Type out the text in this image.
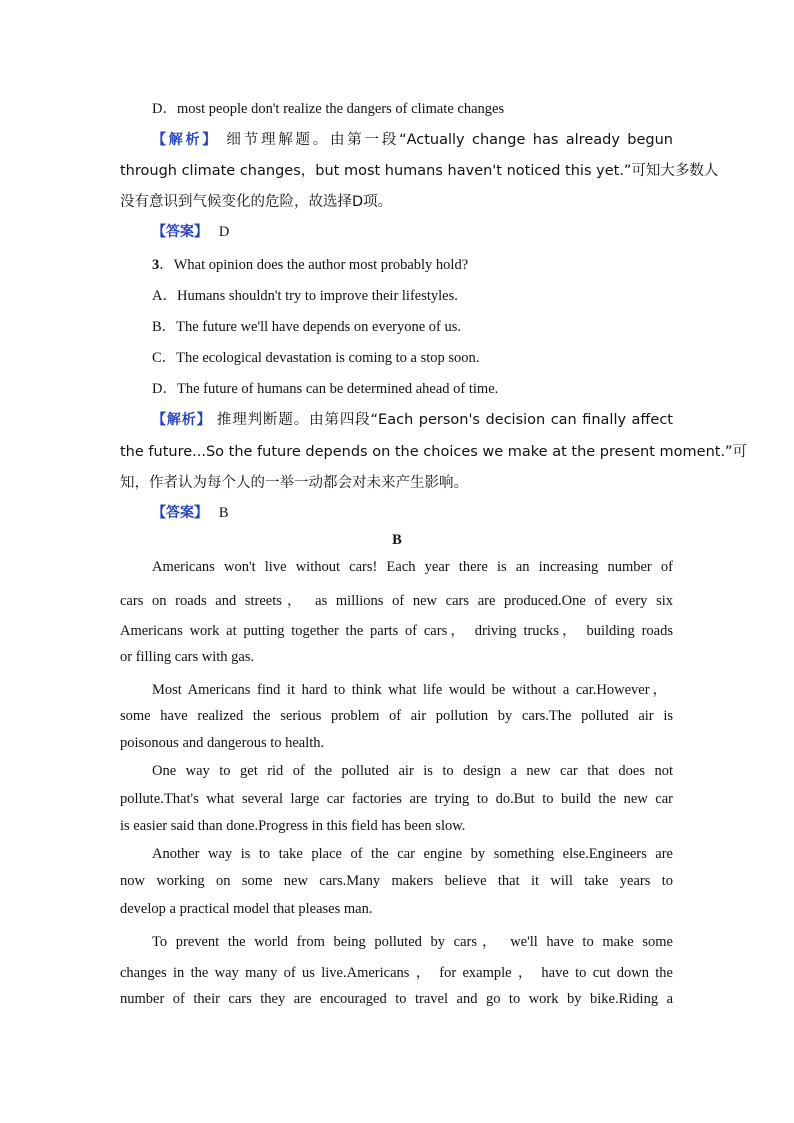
D．most people don't realize the dangers of climate changes
【解析】 细节理解题。由第一段“Actually change has already begun
through climate changes，but most humans haven't noticed this yet.”可知大多数人
没有意识到气候变化的危险，故选择D项。
【答案】 D
3．What opinion does the author most probably hold?
A．Humans shouldn't try to improve their lifestyles.
B．The future we'll have depends on everyone of us.
C．The ecological devastation is coming to a stop soon.
D．The future of humans can be determined ahead of time.
【解析】 推理判断题。由第四段“Each person's decision can finally affect
the future...So the future depends on the choices we make at the present moment.”可
知，作者认为每个人的一举一动都会对未来产生影响。
【答案】 B
B
Americans won't live without cars! Each year there is an increasing number of
cars on roads and streets， as millions of new cars are produced.One of every six
Americans work at putting together the parts of cars， driving trucks， building roads
or filling cars with gas.
Most Americans find it hard to think what life would be without a car.However，
some have realized the serious problem of air pollution by cars.The polluted air is
poisonous and dangerous to health.
One way to get rid of the polluted air is to design a new car that does not
pollute.That's what several large car factories are trying to do.But to build the new car
is easier said than done.Progress in this field has been slow.
Another way is to take place of the car engine by something else.Engineers are
now working on some new cars.Many makers believe that it will take years to
develop a practical model that pleases man.
To prevent the world from being polluted by cars， we'll have to make some
changes in the way many of us live.Americans ， for example ， have to cut down the
number of their cars they are encouraged to travel and go to work by bike.Riding a
